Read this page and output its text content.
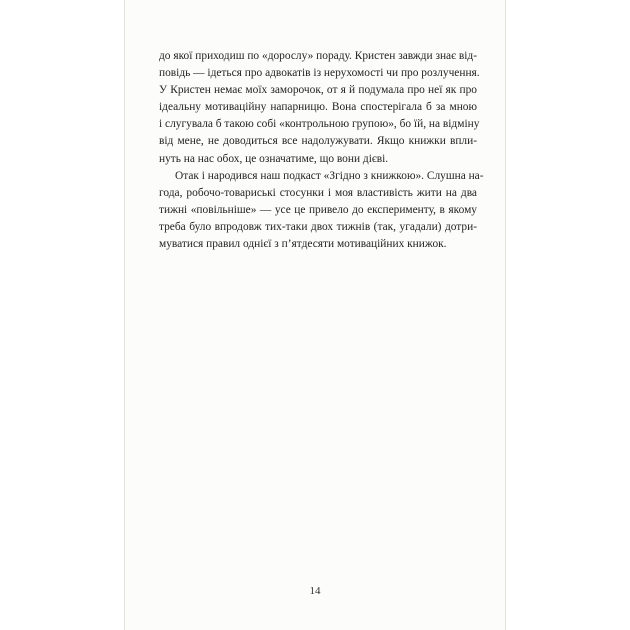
до якої приходиш по «дорослу» пораду. Кристен завжди знає від-
повідь — ідеться про адвокатів із нерухомості чи про розлучення.
У Кристен немає моїх заморочок, от я й подумала про неї як про
ідеальну мотиваційну напарницю. Вона спостерігала б за мною
і слугувала б такою собі «контрольною групою», бо їй, на відміну
від мене, не доводиться все надолужувати. Якщо книжки впли-
нуть на нас обох, це означатиме, що вони дієві.
Отак і народився наш подкаст «Згідно з книжкою». Слушна на-
года, робочо-товариські стосунки і моя властивість жити на два
тижні «повільніше» — усе це привело до експерименту, в якому
треба було впродовж тих-таки двох тижнів (так, угадали) дотри-
муватися правил однієї з п’ятдесяти мотиваційних книжок.
14
